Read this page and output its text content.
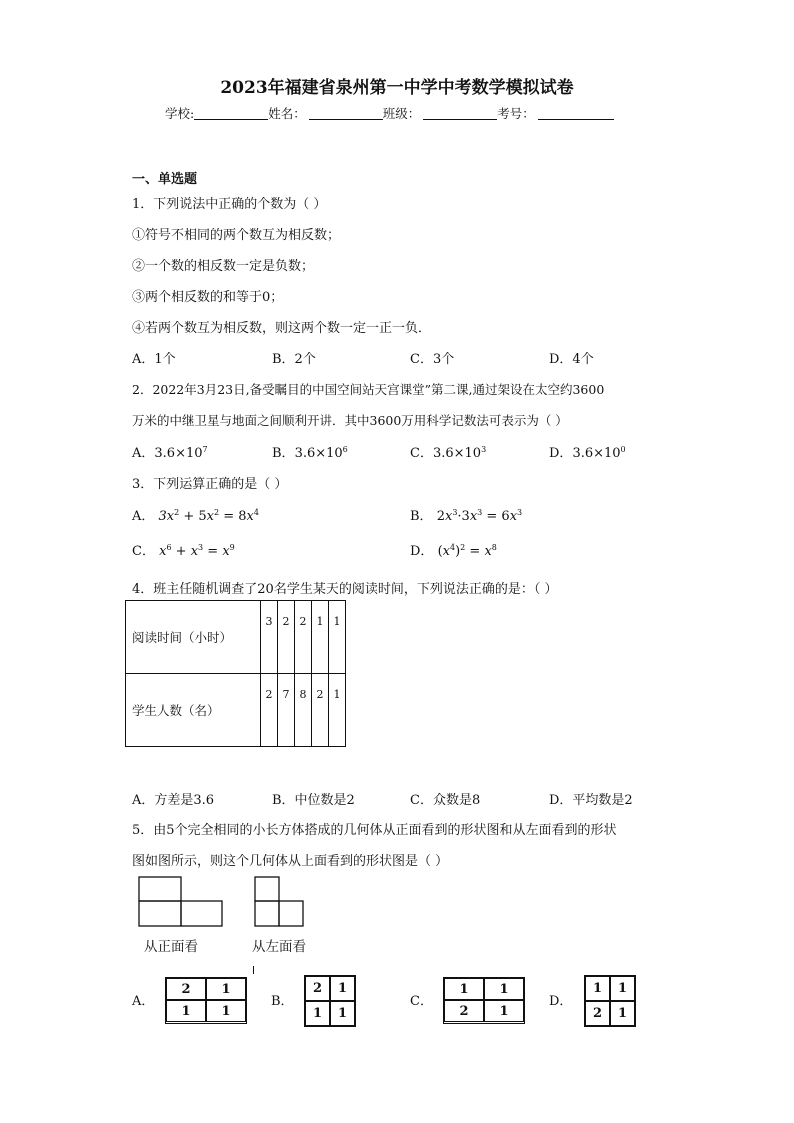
2023年福建省泉州第一中学中考数学模拟试卷
学校:	姓名：	班级：	考号：
一、单选题
1．下列说法中正确的个数为（ ）
①符号不相同的两个数互为相反数；
②一个数的相反数一定是负数；
③两个相反数的和等于0；
④若两个数互为相反数，则这两个数一定一正一负．
A．1个	B．2个	C．3个	D．4个
2．2022年3月23日,备受瞩目的中国空间站天宫课堂”第二课,通过架设在太空约3600
万米的中继卫星与地面之间顺利开讲．其中3600万用科学记数法可表示为（ ）
A．$3.6\times 10^7$	B．$3.6\times 10^6$	C．$3.6\times 10^3$	D．$3.6\times 10^0$
3．下列运算正确的是（ ）
A． $3x^2 + 5x^2 = 8x^4$	B． $2x^3\cdot 3x^3 = 6x^3$
C． $x^6 + x^3 = x^9$	D． $(x^4)^2 = x^8$
4．班主任随机调查了20名学生某天的阅读时间，下列说法正确的是：（ ）
阅读时间（小时）	3	2	2	1	1
学生人数（名）	2	7	8	2	1
A．方差是3.6	B．中位数是2	C．众数是8	D．平均数是2
5．由5个完全相同的小长方体搭成的几何体从正面看到的形状图和从左面看到的形状
图如图所示，则这个几何体从上面看到的形状图是（ ）
从正面看	从左面看
A．
2	1
1	1
B．
2	1
1	1
C．
1	1
2	1
D．
1	1
2	1
